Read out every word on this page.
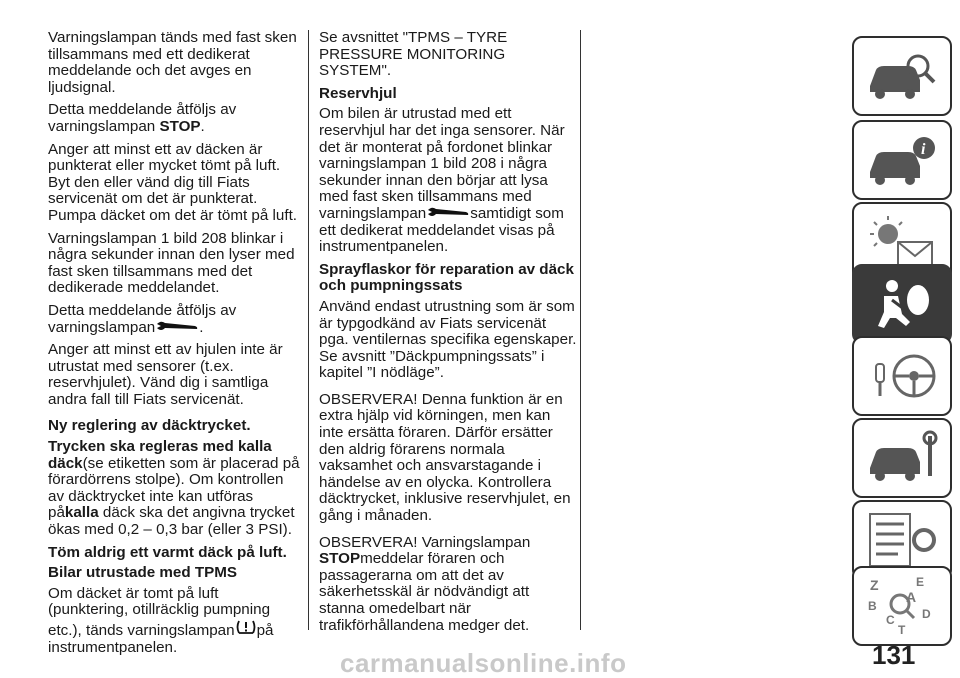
Varningslampan tänds med fast sken tillsammans med ett dedikerat meddelande och det avges en ljudsignal.

Detta meddelande åtföljs av varningslampan STOP.

Anger att minst ett av däcken är punkterat eller mycket tömt på luft. Byt den eller vänd dig till Fiats servicenät om det är punkterat. Pumpa däcket om det är tömt på luft.

Varningslampan 1 bild 208 blinkar i några sekunder innan den lyser med fast sken tillsammans med det dedikerade meddelandet.

Detta meddelande åtföljs av varningslampan	.

Anger att minst ett av hjulen inte är utrustat med sensorer (t.ex. reservhjulet). Vänd dig i samtliga andra fall till Fiats servicenät.

Ny reglering av däcktrycket.

Trycken ska regleras med kalla däck(se etiketten som är placerad på förardörrens stolpe). Om kontrollen av däcktrycket inte kan utföras påkalla däck ska det angivna trycket ökas med 0,2 – 0,3 bar (eller 3 PSI).

Töm aldrig ett varmt däck på luft.
Bilar utrustade med TPMS

Om däcket är tomt på luft (punktering, otillräcklig pumpning etc.), tänds varningslampan på instrumentpanelen.

Se avsnittet "TPMS – TYRE PRESSURE MONITORING SYSTEM".

Reservhjul

Om bilen är utrustad med ett reservhjul har det inga sensorer. När det är monterat på fordonet blinkar varningslampan 1 bild 208 i några sekunder innan den börjar att lysa med fast sken tillsammans med varningslampan	samtidigt som ett dedikerat meddelandet visas på instrumentpanelen.

Sprayflaskor för reparation av däck och pumpningssats

Använd endast utrustning som är som är typgodkänd av Fiats servicenät pga. ventilernas specifika egenskaper. Se avsnitt ”Däckpumpningssats” i kapitel ”I nödläge”.

OBSERVERA! Denna funktion är en extra hjälp vid körningen, men kan inte ersätta föraren. Därför ersätter den aldrig förarens normala vaksamhet och ansvarstagande i händelse av en olycka. Kontrollera däcktrycket, inklusive reservhjulet, en gång i månaden.

OBSERVERA! Varningslampan
STOPmeddelar föraren och passagerarna om att det av säkerhetsskäl är nödvändigt att stanna omedelbart när trafikförhållandena medger det.

i
Z	E
B
C D
T
A
131
carmanualsonline.info
